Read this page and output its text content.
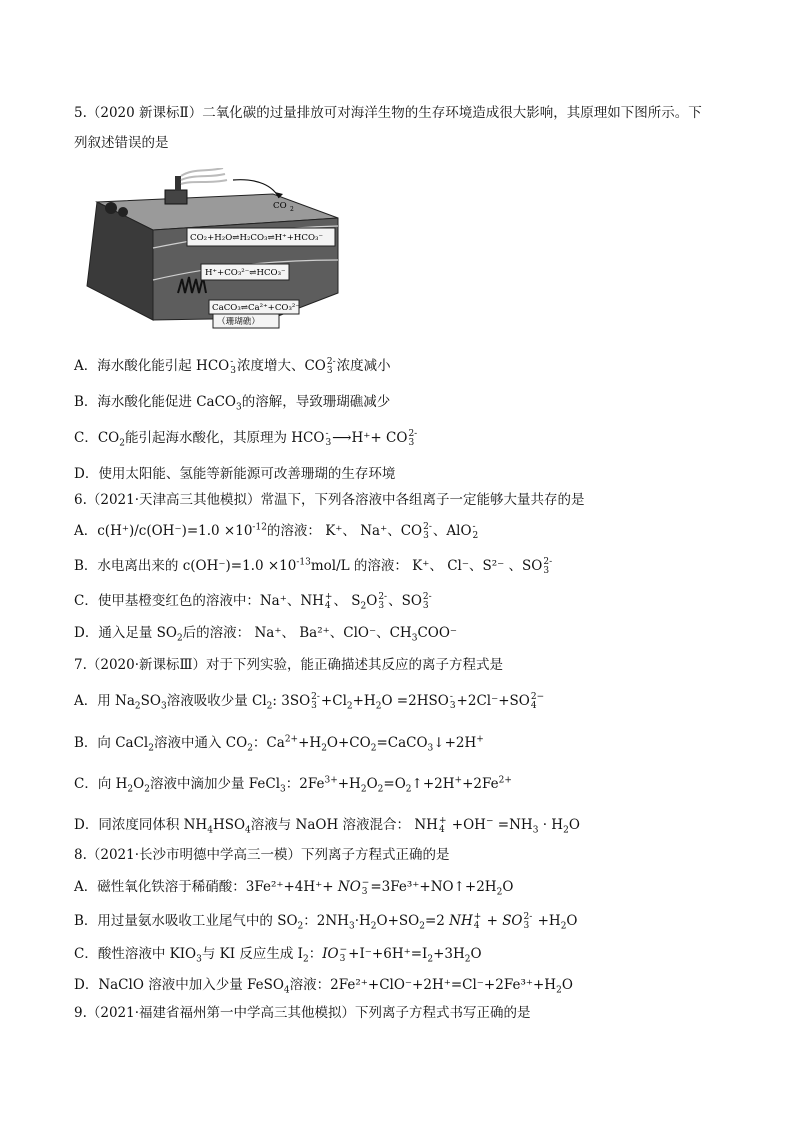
5.（2020 新课标Ⅱ）二氧化碳的过量排放可对海洋生物的生存环境造成很大影响，其原理如下图所示。下
列叙述错误的是
CO 2
CO₂+H₂O⇌H₂CO₃⇌H⁺+HCO₃⁻
H⁺+CO₃²⁻⇌HCO₃⁻
CaCO₃⇌Ca²⁺+CO₃²⁻
（珊瑚礁）
A．海水酸化能引起 HCO -
3 浓度增大、CO 2-
3 浓度减小
B．海水酸化能促进 CaCO$_3$的溶解，导致珊瑚礁减少
C．$CO_2$能引起海水酸化，其原理为 HCO -
3 ⟶H⁺+ CO 2-
3
D．使用太阳能、氢能等新能源可改善珊瑚的生存环境
6.（2021·天津高三其他模拟）常温下，下列各溶液中各组离子一定能够大量共存的是
A．$c(H^+)/c(OH^-)=1.0 \times 10^{-12}$的溶液： K⁺、 Na⁺、CO 2-
3 、AlO -
2
B．水电离出来的 $c(OH^-)=1.0 \times 10^{-13}mol/L$ 的溶液： K⁺、 Cl⁻、S²⁻ 、SO 2-
3
C．使甲基橙变红色的溶液中：Na⁺、NH +
4 、 $S_2O$ 2-
3 、SO 2-
3
D．通入足量 $SO_2$后的溶液： Na⁺、 Ba²⁺、ClO⁻、$CH_3COO^-$
7.（2020·新课标Ⅲ）对于下列实验，能正确描述其反应的离子方程式是
A．用 $Na_2SO_3$溶液吸收少量 $Cl_2$: 3SO 2-
$3 +Cl_2+H_2O =2HSO$ -
3 +2Cl⁻+SO 2−
4
B．向 CaCl$_2$溶液中通入 $CO_2$：$Ca^{2+}+H_2O+CO_2=CaCO_3↓+2H^+$
C．向 $H_2O_2$溶液中滴加少量 FeCl$_3$：$2Fe^{3+}+H_2O_2=O_2↑+2H^++2Fe^{2+}$
D．同浓度同体积 $NH_4HSO_4$溶液与 NaOH 溶液混合： NH +
$4 +OH^- =NH_3 \cdot H_2O$
8.（2021·长沙市明德中学高三一模）下列离子方程式正确的是
A．磁性氧化铁溶于稀硝酸：3Fe²⁺+4H⁺+ NO −
$3 =3Fe^{3+}+NO↑+2H_2O$
B．用过量氨水吸收工业尾气中的 $SO_2$：$2NH_3\cdot H_2O+SO_2=2$ NH +
4 + SO 2-
$3 +H_2O$
C．酸性溶液中 $KIO_3$与 KI 反应生成 $I_2$：IO −
$3 +I^-+6H^+=I_2+3H_2O$
D．NaClO 溶液中加入少量 FeSO$_4$溶液：$2Fe^{2+}+ClO^-+2H^+=Cl^-+2Fe^{3+}+H_2O$
9.（2021·福建省福州第一中学高三其他模拟）下列离子方程式书写正确的是
